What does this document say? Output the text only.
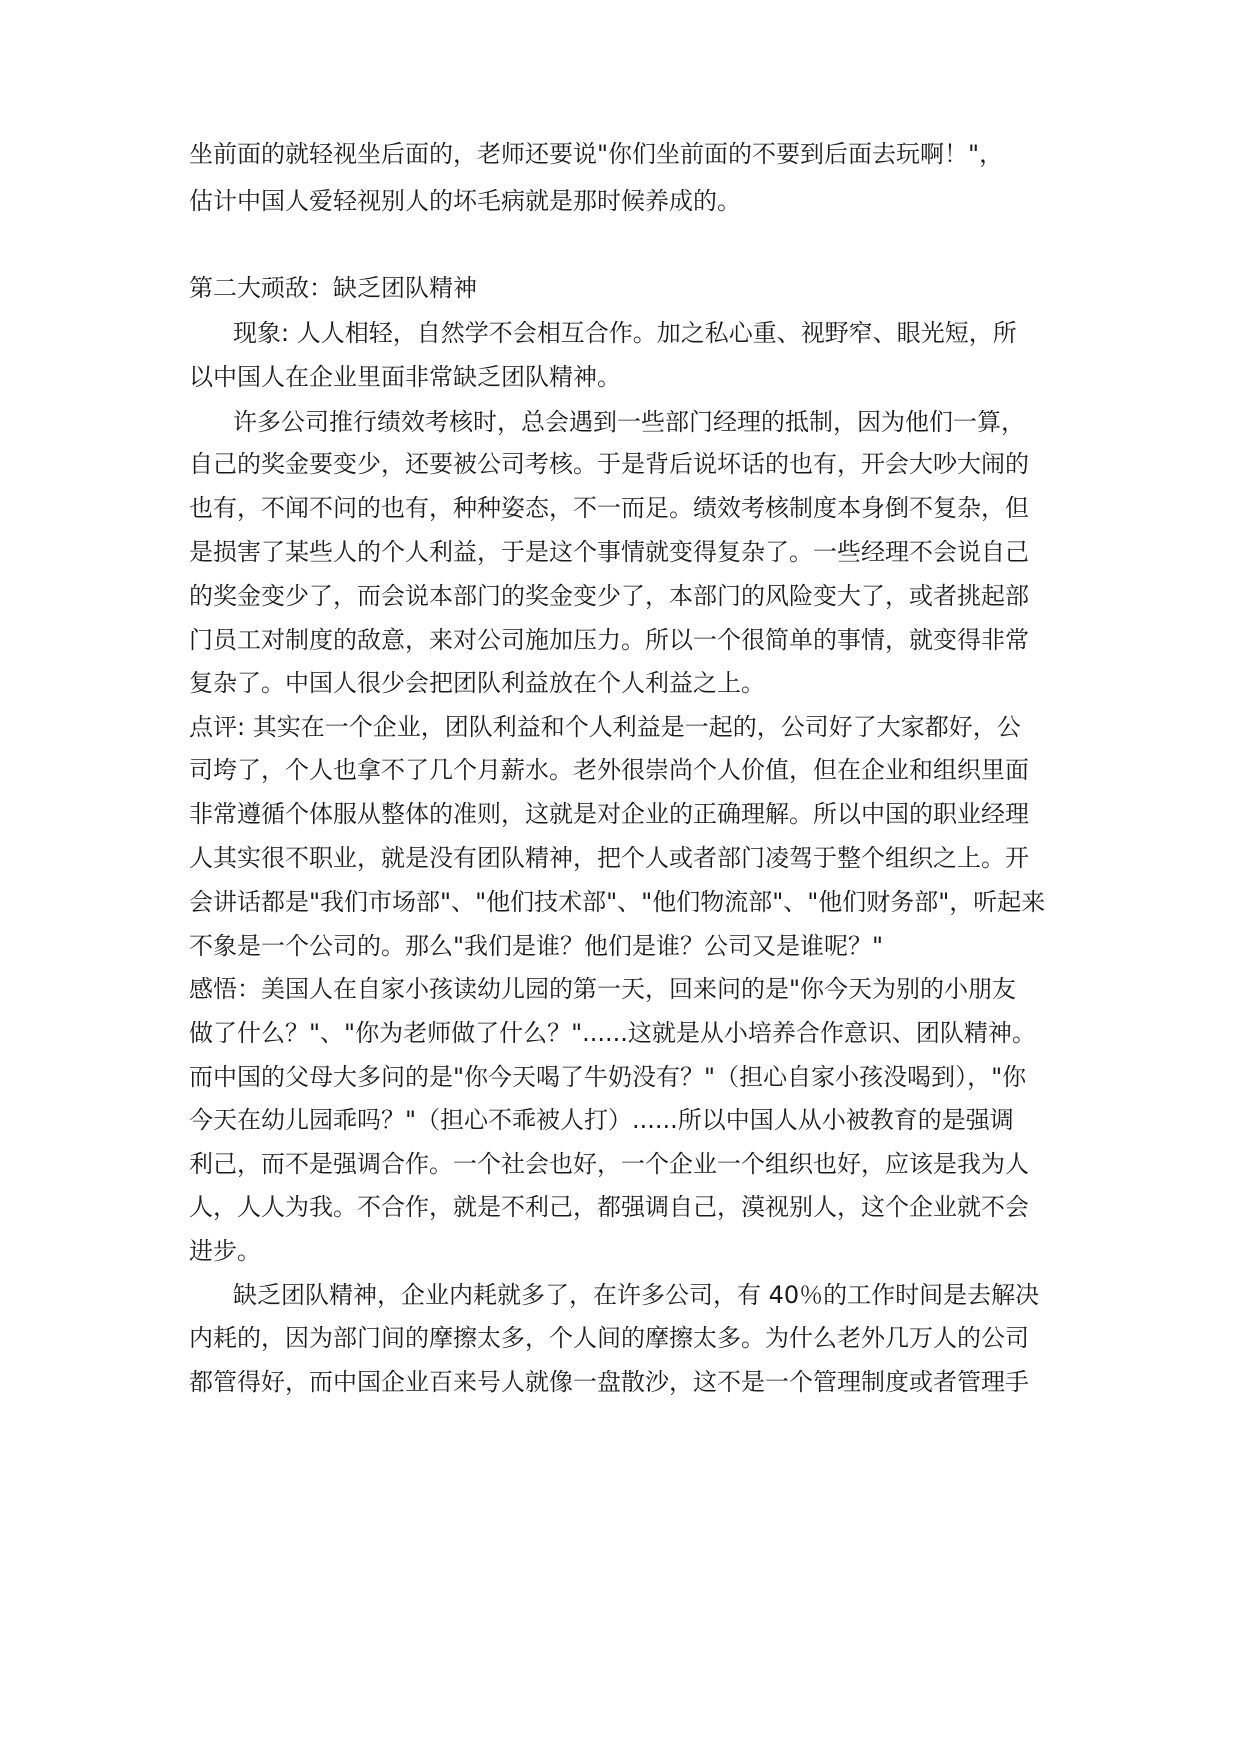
坐前面的就轻视坐后面的，老师还要说"你们坐前面的不要到后面去玩啊！"，
估计中国人爱轻视别人的坏毛病就是那时候养成的。
第二大顽敌：缺乏团队精神
现象: 人人相轻，自然学不会相互合作。加之私心重、视野窄、眼光短，所
以中国人在企业里面非常缺乏团队精神。
许多公司推行绩效考核时，总会遇到一些部门经理的抵制，因为他们一算，
自己的奖金要变少，还要被公司考核。于是背后说坏话的也有，开会大吵大闹的
也有，不闻不问的也有，种种姿态，不一而足。绩效考核制度本身倒不复杂，但
是损害了某些人的个人利益，于是这个事情就变得复杂了。一些经理不会说自己
的奖金变少了，而会说本部门的奖金变少了，本部门的风险变大了，或者挑起部
门员工对制度的敌意，来对公司施加压力。所以一个很简单的事情，就变得非常
复杂了。中国人很少会把团队利益放在个人利益之上。
点评: 其实在一个企业，团队利益和个人利益是一起的，公司好了大家都好，公
司垮了，个人也拿不了几个月薪水。老外很崇尚个人价值，但在企业和组织里面
非常遵循个体服从整体的准则，这就是对企业的正确理解。所以中国的职业经理
人其实很不职业，就是没有团队精神，把个人或者部门凌驾于整个组织之上。开
会讲话都是"我们市场部"、"他们技术部"、"他们物流部"、"他们财务部"，听起来
不象是一个公司的。那么"我们是谁？他们是谁？公司又是谁呢？"
感悟：美国人在自家小孩读幼儿园的第一天，回来问的是"你今天为别的小朋友
做了什么？"、"你为老师做了什么？"......这就是从小培养合作意识、团队精神。
而中国的父母大多问的是"你今天喝了牛奶没有？"（担心自家小孩没喝到），"你
今天在幼儿园乖吗？"（担心不乖被人打）......所以中国人从小被教育的是强调
利己，而不是强调合作。一个社会也好，一个企业一个组织也好，应该是我为人
人，人人为我。不合作，就是不利己，都强调自己，漠视别人，这个企业就不会
进步。
缺乏团队精神，企业内耗就多了，在许多公司，有 40％的工作时间是去解决
内耗的，因为部门间的摩擦太多，个人间的摩擦太多。为什么老外几万人的公司
都管得好，而中国企业百来号人就像一盘散沙，这不是一个管理制度或者管理手
